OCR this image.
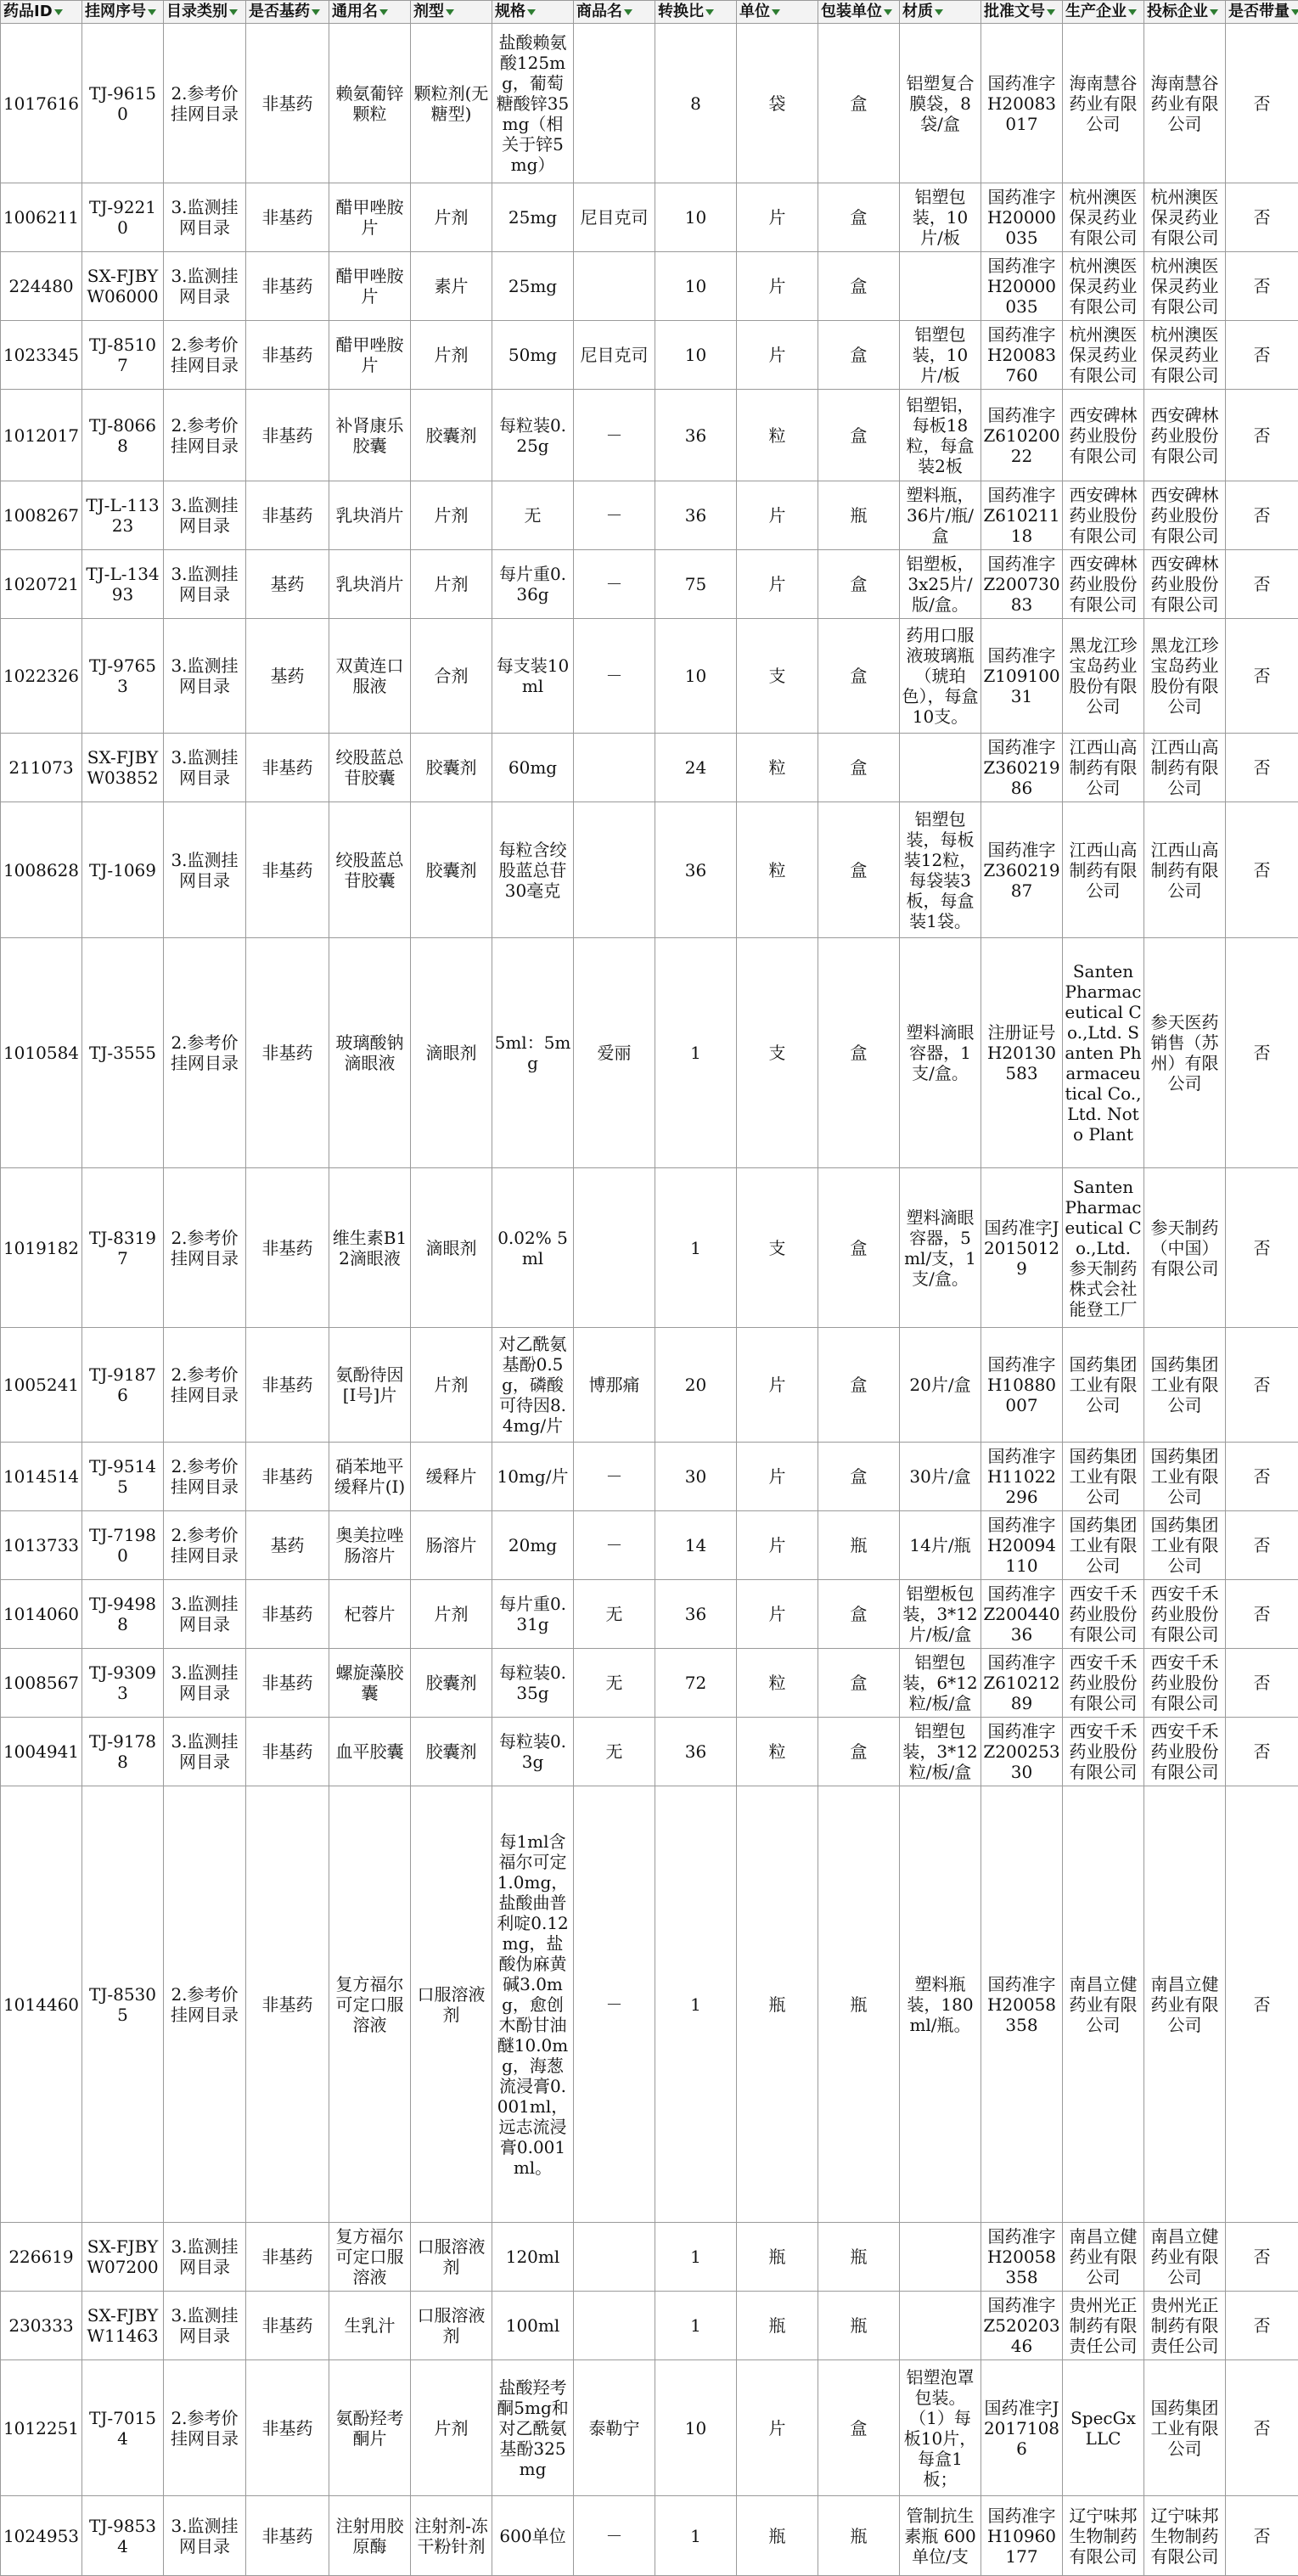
药品ID	挂网序号	目录类别	是否基药	通用名	剂型	规格	商品名	转换比	单位	包装单位	材质	批准文号	生产企业	投标企业	是否带量
1017616	TJ-96150	2.参考价挂网目录	非基药	赖氨葡锌颗粒	颗粒剂(无糖型)	盐酸赖氨酸125mg，葡萄糖酸锌35mg（相关于锌5mg）		8	袋	盒	铝塑复合膜袋，8袋/盒	国药准字H20083017	海南慧谷药业有限公司	海南慧谷药业有限公司	否
1006211	TJ-92210	3.监测挂网目录	非基药	醋甲唑胺片	片剂	25mg	尼目克司	10	片	盒	铝塑包装，10片/板	国药准字H20000035	杭州澳医保灵药业有限公司	杭州澳医保灵药业有限公司	否
224480	SX-FJBYW06000	3.监测挂网目录	非基药	醋甲唑胺片	素片	25mg		10	片	盒		国药准字H20000035	杭州澳医保灵药业有限公司	杭州澳医保灵药业有限公司	否
1023345	TJ-85107	2.参考价挂网目录	非基药	醋甲唑胺片	片剂	50mg	尼目克司	10	片	盒	铝塑包装，10片/板	国药准字H20083760	杭州澳医保灵药业有限公司	杭州澳医保灵药业有限公司	否
1012017	TJ-80668	2.参考价挂网目录	非基药	补肾康乐胶囊	胶囊剂	每粒装0.25g	－	36	粒	盒	铝塑铝，每板18粒，每盒装2板	国药准字Z61020022	西安碑林药业股份有限公司	西安碑林药业股份有限公司	否
1008267	TJ-L-11323	3.监测挂网目录	非基药	乳块消片	片剂	无	－	36	片	瓶	塑料瓶，36片/瓶/盒	国药准字Z61021118	西安碑林药业股份有限公司	西安碑林药业股份有限公司	否
1020721	TJ-L-13493	3.监测挂网目录	基药	乳块消片	片剂	每片重0.36g	－	75	片	盒	铝塑板，3x25片/版/盒。	国药准字Z20073083	西安碑林药业股份有限公司	西安碑林药业股份有限公司	否
1022326	TJ-97653	3.监测挂网目录	基药	双黄连口服液	合剂	每支装10ml	－	10	支	盒	药用口服液玻璃瓶（琥珀色），每盒10支。	国药准字Z10910031	黑龙江珍宝岛药业股份有限公司	黑龙江珍宝岛药业股份有限公司	否
211073	SX-FJBYW03852	3.监测挂网目录	非基药	绞股蓝总苷胶囊	胶囊剂	60mg		24	粒	盒		国药准字Z36021986	江西山高制药有限公司	江西山高制药有限公司	否
1008628	TJ-1069	3.监测挂网目录	非基药	绞股蓝总苷胶囊	胶囊剂	每粒含绞股蓝总苷30毫克		36	粒	盒	铝塑包装，每板装12粒，每袋装3板，每盒装1袋。	国药准字Z36021987	江西山高制药有限公司	江西山高制药有限公司	否
1010584	TJ-3555	2.参考价挂网目录	非基药	玻璃酸钠滴眼液	滴眼剂	5ml：5mg	爱丽	1	支	盒	塑料滴眼容器，1支/盒。	注册证号H20130583	Santen Pharmaceutical Co.,Ltd. Santen Pharmaceutical Co.,Ltd. Noto Plant	参天医药销售（苏州）有限公司	否
1019182	TJ-83197	2.参考价挂网目录	非基药	维生素B12滴眼液	滴眼剂	0.02% 5ml		1	支	盒	塑料滴眼容器，5ml/支，1支/盒。	国药准字J20150129	Santen Pharmaceutical Co.,Ltd. 参天制药株式会社能登工厂	参天制药（中国）有限公司	否
1005241	TJ-91876	2.参考价挂网目录	非基药	氨酚待因[Ⅰ号]片	片剂	对乙酰氨基酚0.5g，磷酸可待因8.4mg/片	博那痛	20	片	盒	20片/盒	国药准字H10880007	国药集团工业有限公司	国药集团工业有限公司	否
1014514	TJ-95145	2.参考价挂网目录	非基药	硝苯地平缓释片(Ⅰ)	缓释片	10mg/片	－	30	片	盒	30片/盒	国药准字H11022296	国药集团工业有限公司	国药集团工业有限公司	否
1013733	TJ-71980	2.参考价挂网目录	基药	奥美拉唑肠溶片	肠溶片	20mg	－	14	片	瓶	14片/瓶	国药准字H20094110	国药集团工业有限公司	国药集团工业有限公司	否
1014060	TJ-94988	3.监测挂网目录	非基药	杞蓉片	片剂	每片重0.31g	无	36	片	盒	铝塑板包装，3*12片/板/盒	国药准字Z20044036	西安千禾药业股份有限公司	西安千禾药业股份有限公司	否
1008567	TJ-93093	3.监测挂网目录	非基药	螺旋藻胶囊	胶囊剂	每粒装0.35g	无	72	粒	盒	铝塑包装，6*12粒/板/盒	国药准字Z61021289	西安千禾药业股份有限公司	西安千禾药业股份有限公司	否
1004941	TJ-91788	3.监测挂网目录	非基药	血平胶囊	胶囊剂	每粒装0.3g	无	36	粒	盒	铝塑包装，3*12粒/板/盒	国药准字Z20025330	西安千禾药业股份有限公司	西安千禾药业股份有限公司	否
1014460	TJ-85305	2.参考价挂网目录	非基药	复方福尔可定口服溶液	口服溶液剂	每1ml含福尔可定1.0mg，盐酸曲普利啶0.12mg，盐酸伪麻黄碱3.0mg，愈创木酚甘油醚10.0mg，海葱流浸膏0.001ml，远志流浸膏0.001ml。	－	1	瓶	瓶	塑料瓶装，180ml/瓶。	国药准字H20058358	南昌立健药业有限公司	南昌立健药业有限公司	否
226619	SX-FJBYW07200	3.监测挂网目录	非基药	复方福尔可定口服溶液	口服溶液剂	120ml		1	瓶	瓶		国药准字H20058358	南昌立健药业有限公司	南昌立健药业有限公司	否
230333	SX-FJBYW11463	3.监测挂网目录	非基药	生乳汁	口服溶液剂	100ml		1	瓶	瓶		国药准字Z52020346	贵州光正制药有限责任公司	贵州光正制药有限责任公司	否
1012251	TJ-70154	2.参考价挂网目录	非基药	氨酚羟考酮片	片剂	盐酸羟考酮5mg和对乙酰氨基酚325mg	泰勒宁	10	片	盒	铝塑泡罩包装。（1）每板10片，每盒1板；	国药准字J20171086	SpecGx LLC	国药集团工业有限公司	否
1024953	TJ-98534	3.监测挂网目录	非基药	注射用胶原酶	注射剂-冻干粉针剂	600单位	－	1	瓶	瓶	管制抗生素瓶 600单位/支	国药准字H10960177	辽宁味邦生物制药有限公司	辽宁味邦生物制药有限公司	否
